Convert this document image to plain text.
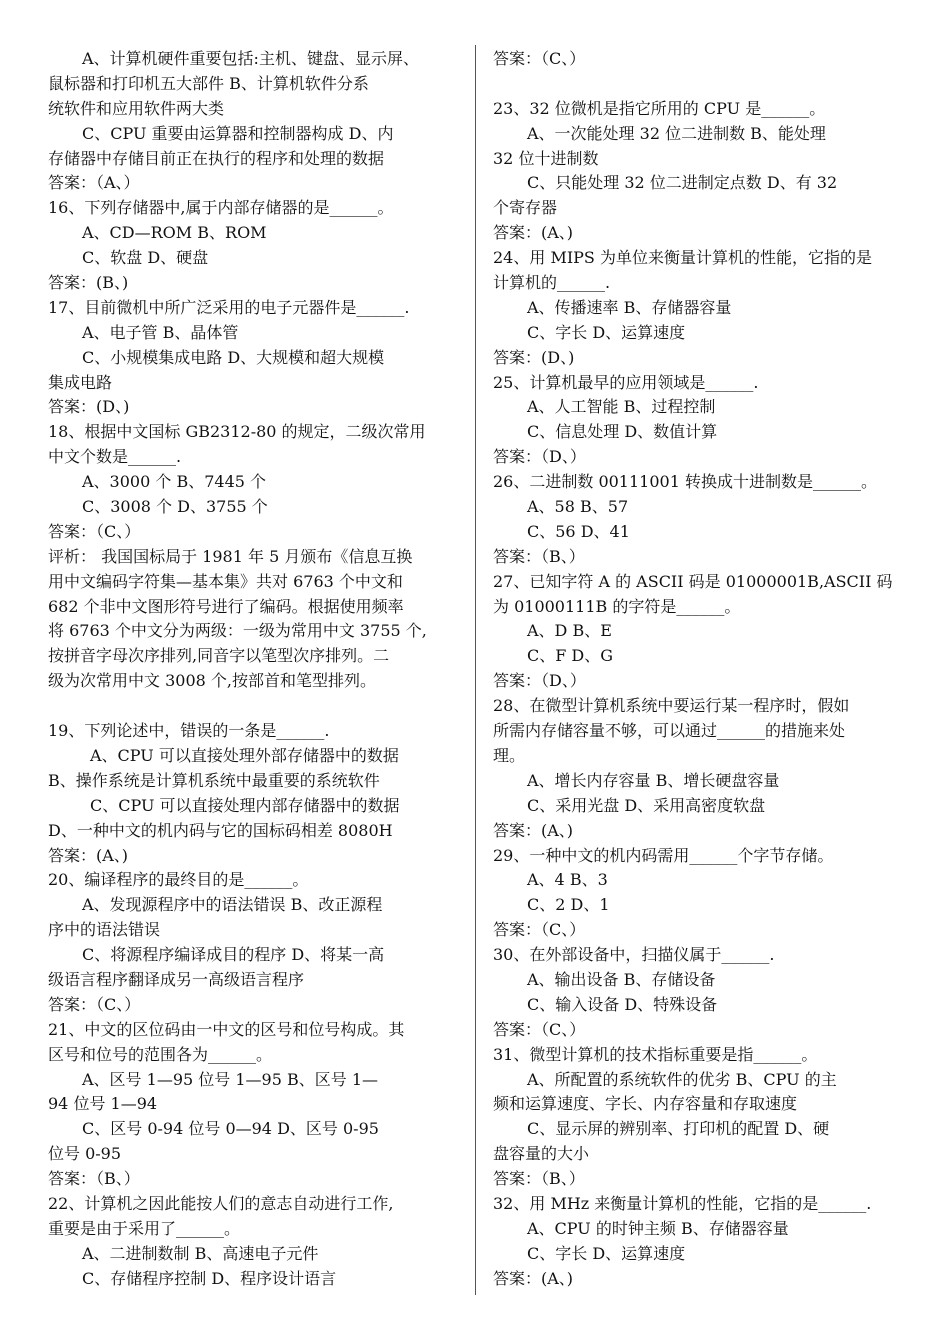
A、计算机硬件重要包括:主机、键盘、显示屏、
鼠标器和打印机五大部件 B、计算机软件分系
统软件和应用软件两大类
C、CPU 重要由运算器和控制器构成 D、内
存储器中存储目前正在执行的程序和处理的数据
答案：（A、）
16、下列存储器中,属于内部存储器的是______。
A、CD—ROM B、ROM
C、软盘 D、硬盘
答案：(B、)
17、目前微机中所广泛采用的电子元器件是______.
A、电子管 B、晶体管
C、小规模集成电路 D、大规模和超大规模
集成电路
答案：(D、)
18、根据中文国标 GB2312-80 的规定，二级次常用
中文个数是______.
A、3000 个 B、7445 个
C、3008 个 D、3755 个
答案：（C、）
评析： 我国国标局于 1981 年 5 月颁布《信息互换
用中文编码字符集—基本集》共对 6763 个中文和
682 个非中文图形符号进行了编码。根据使用频率
将 6763 个中文分为两级：一级为常用中文 3755 个,
按拼音字母次序排列,同音字以笔型次序排列。二
级为次常用中文 3008 个,按部首和笔型排列。
19、下列论述中，错误的一条是______.
A、CPU 可以直接处理外部存储器中的数据
B、操作系统是计算机系统中最重要的系统软件
C、CPU 可以直接处理内部存储器中的数据
D、一种中文的机内码与它的国标码相差 8080H
答案：(A、)
20、编译程序的最终目的是______。
A、发现源程序中的语法错误 B、改正源程
序中的语法错误
C、将源程序编译成目的程序 D、将某一高
级语言程序翻译成另一高级语言程序
答案：（C、）
21、中文的区位码由一中文的区号和位号构成。其
区号和位号的范围各为______。
A、区号 1—95 位号 1—95 B、区号 1—
94 位号 1—94
C、区号 0-94 位号 0—94 D、区号 0-95
位号 0-95
答案：（B、）
22、计算机之因此能按人们的意志自动进行工作,
重要是由于采用了______。
A、二进制数制 B、高速电子元件
C、存储程序控制 D、程序设计语言
答案：（C、）
23、32 位微机是指它所用的 CPU 是______。
A、一次能处理 32 位二进制数 B、能处理
32 位十进制数
C、只能处理 32 位二进制定点数 D、有 32
个寄存器
答案：(A、)
24、用 MIPS 为单位来衡量计算机的性能，它指的是
计算机的______.
A、传播速率 B、存储器容量
C、字长 D、运算速度
答案：(D、)
25、计算机最早的应用领域是______.
A、人工智能 B、过程控制
C、信息处理 D、数值计算
答案：（D、）
26、二进制数 00111001 转换成十进制数是______。
A、58 B、57
C、56 D、41
答案：（B、）
27、已知字符 A 的 ASCII 码是 01000001B,ASCII 码
为 01000111B 的字符是______。
A、D B、E
C、F D、G
答案：（D、）
28、在微型计算机系统中要运行某一程序时，假如
所需内存储容量不够，可以通过______的措施来处
理。
A、增长内存容量 B、增长硬盘容量
C、采用光盘 D、采用高密度软盘
答案：(A、)
29、一种中文的机内码需用______个字节存储。
A、4 B、3
C、2 D、1
答案：（C、）
30、在外部设备中，扫描仪属于______.
A、输出设备 B、存储设备
C、输入设备 D、特殊设备
答案：（C、）
31、微型计算机的技术指标重要是指______。
A、所配置的系统软件的优劣 B、CPU 的主
频和运算速度、字长、内存容量和存取速度
C、显示屏的辨别率、打印机的配置 D、硬
盘容量的大小
答案：（B、）
32、用 MHz 来衡量计算机的性能，它指的是______.
A、CPU 的时钟主频 B、存储器容量
C、字长 D、运算速度
答案：(A、)
